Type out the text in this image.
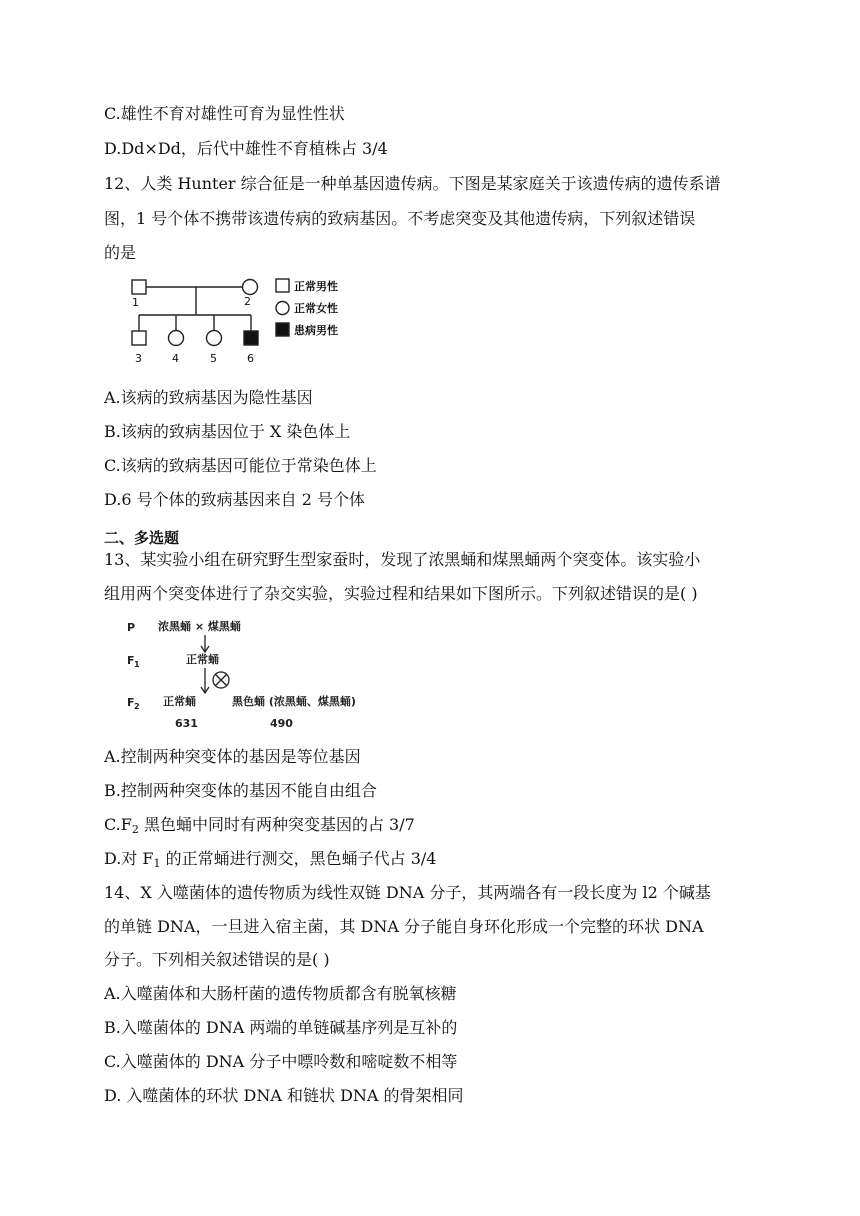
C.雄性不育对雄性可育为显性性状
D.Dd×Dd，后代中雄性不育植株占 3/4
12、人类 Hunter 综合征是一种单基因遗传病。下图是某家庭关于该遗传病的遗传系谱
图，1 号个体不携带该遗传病的致病基因。不考虑突变及其他遗传病，下列叙述错误
的是
1	2
3	4	5	6
正常男性
正常女性
患病男性
A.该病的致病基因为隐性基因
B.该病的致病基因位于 X 染色体上
C.该病的致病基因可能位于常染色体上
D.6 号个体的致病基因来自 2 号个体
二、多选题
13、某实验小组在研究野生型家蚕时，发现了浓黑蛹和煤黑蛹两个突变体。该实验小
组用两个突变体进行了杂交实验，实验过程和结果如下图所示。下列叙述错误的是( )
P 浓黑蛹 × 煤黑蛹
F 1	正常蛹
F 2 正常蛹	黑色蛹 (浓黑蛹、煤黑蛹)
631	490
A.控制两种突变体的基因是等位基因
B.控制两种突变体的基因不能自由组合
$C.F_2$ 黑色蛹中同时有两种突变基因的占 3/7
D.对 $F_1$ 的正常蛹进行测交，黑色蛹子代占 3/4
14、X 入噬菌体的遗传物质为线性双链 DNA 分子，其两端各有一段长度为 l2 个碱基
的单链 DNA，一旦进入宿主菌，其 DNA 分子能自身环化形成一个完整的环状 DNA
分子。下列相关叙述错误的是( )
A.入噬菌体和大肠杆菌的遗传物质都含有脱氧核糖
B.入噬菌体的 DNA 两端的单链碱基序列是互补的
C.入噬菌体的 DNA 分子中嘌呤数和嘧啶数不相等
D. 入噬菌体的环状 DNA 和链状 DNA 的骨架相同
